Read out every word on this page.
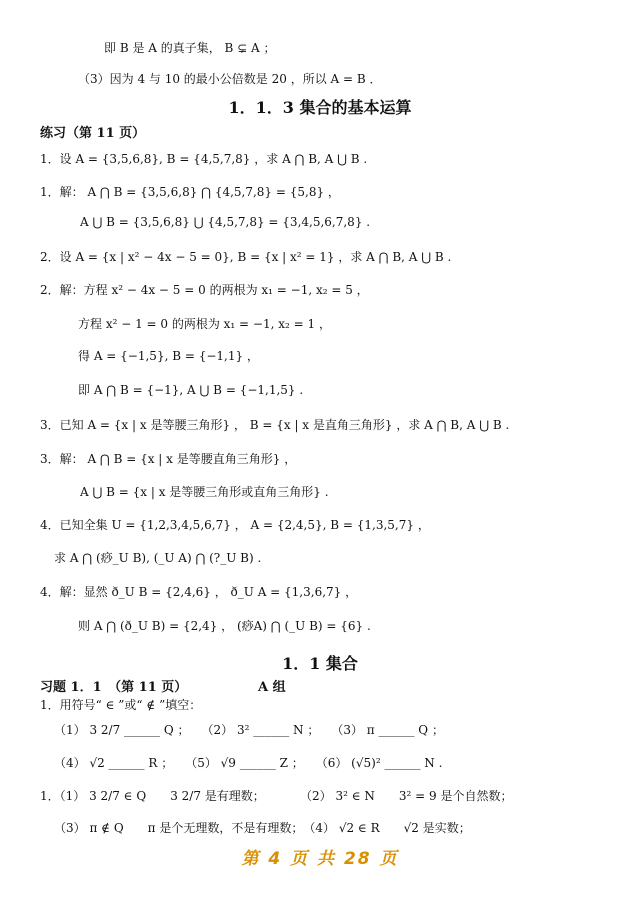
即 B 是 A 的真子集， B ⊊ A ；
（3）因为 4 与 10 的最小公倍数是 20 ，所以 A = B ．
1．1．3 集合的基本运算
练习（第 11 页）
1．设 A = {3,5,6,8}, B = {4,5,7,8} ，求 A ⋂ B, A ⋃ B .
1．解： A ⋂ B = {3,5,6,8} ⋂ {4,5,7,8} = {5,8} ，
A ⋃ B = {3,5,6,8} ⋃ {4,5,7,8} = {3,4,5,6,7,8} .
2．设 A = {x | x² − 4x − 5 = 0}, B = {x | x² = 1} ，求 A ⋂ B, A ⋃ B .
2．解：方程 x² − 4x − 5 = 0 的两根为 x₁ = −1, x₂ = 5 ，
方程 x² − 1 = 0 的两根为 x₁ = −1, x₂ = 1 ，
得 A = {−1,5}, B = {−1,1} ，
即 A ⋂ B = {−1}, A ⋃ B = {−1,1,5} .
3．已知 A = {x | x 是等腰三角形} ， B = {x | x 是直角三角形} ，求 A ⋂ B, A ⋃ B .
3．解： A ⋂ B = {x | x 是等腰直角三角形} ，
A ⋃ B = {x | x 是等腰三角形或直角三角形} .
4．已知全集 U = {1,2,3,4,5,6,7} ， A = {2,4,5}, B = {1,3,5,7} ，
求 A ⋂ (痧_U B), (_U A) ⋂ (?_U B) .
4．解：显然 ð_U B = {2,4,6} ， ð_U A = {1,3,6,7} ，
则 A ⋂ (ð_U B) = {2,4} ， (痧A) ⋂ (_U B) = {6} .
1．1 集合
习题 1．1　（第 11 页）	A 组
1．用符号“ ∈ ”或“ ∉ ”填空：
（1） 3 2/7 ______ Q ；　　（2） 3² ______ N ；　　（3） π ______ Q ；
（4） √2 ______ R ；　　（5） √9 ______ Z ；　　（6） (√5)² ______ N .
1．（1） 3 2/7 ∈ Q　　3 2/7 是有理数；	（2） 3² ∈ N　　3² = 9 是个自然数；
（3） π ∉ Q　　π 是个无理数，不是有理数；　（4） √2 ∈ R　　√2 是实数；
第 4 页 共 28 页
